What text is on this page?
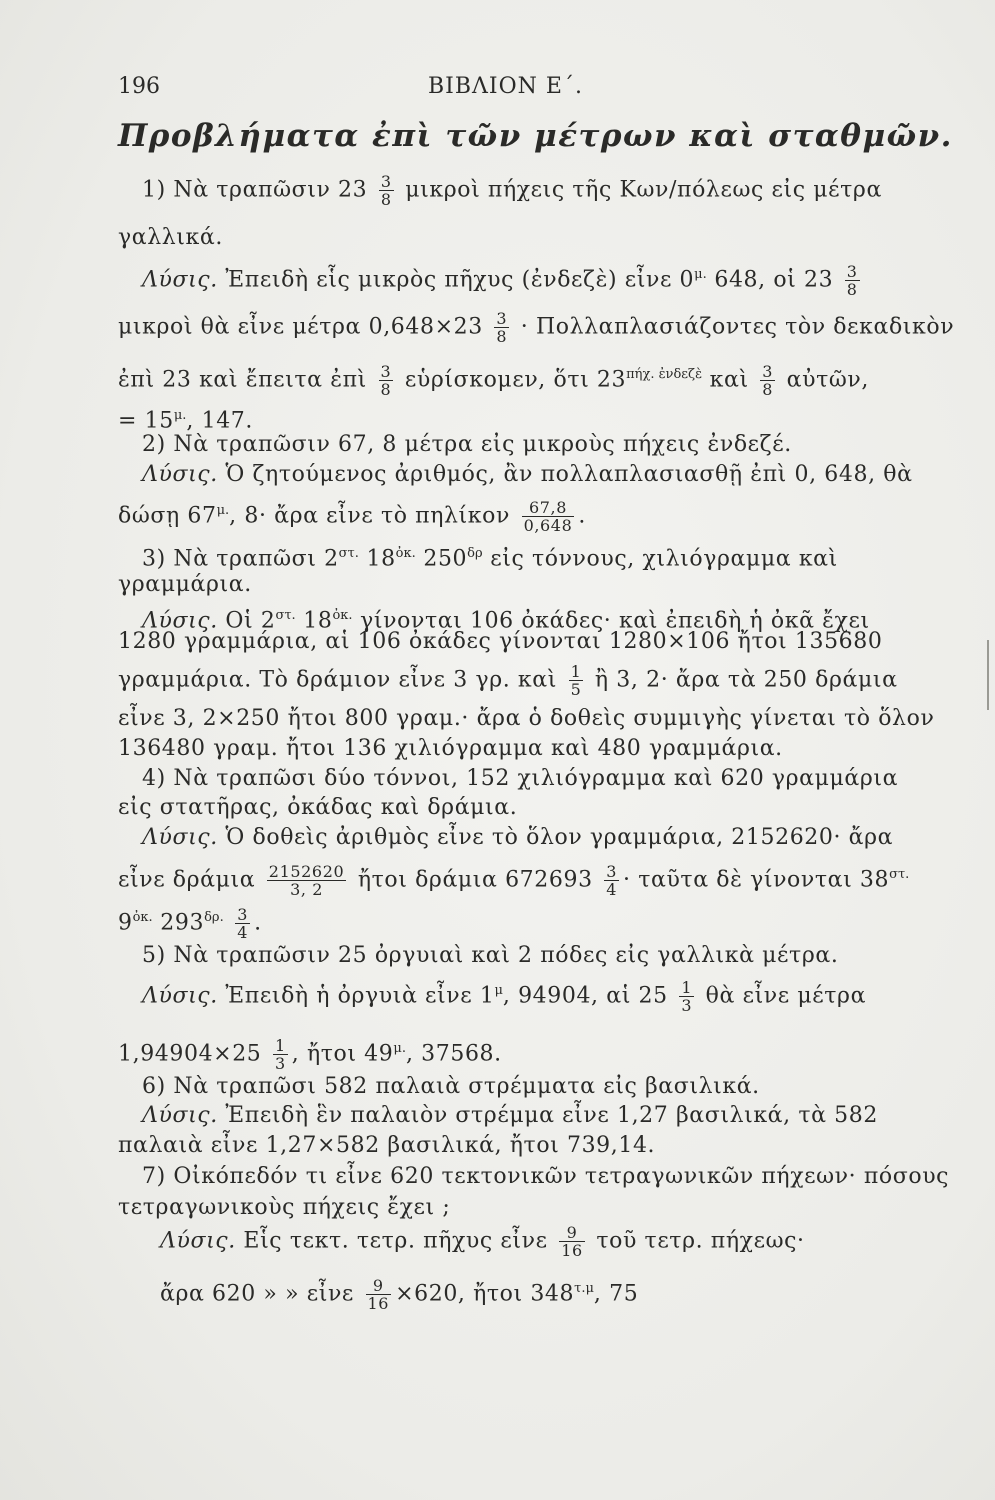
196	ΒΙΒΛΙΟΝ Ε΄.
Προβλήματα ἐπὶ τῶν μέτρων καὶ σταθμῶν.
1) Νὰ τραπῶσιν $23 \frac{3}{8}$ μικροὶ πήχεις τῆς Κων/πόλεως εἰς μέτρα
γαλλικά.
Λύσις. Ἐπειδὴ εἷς μικρὸς πῆχυς (ἐνδεζὲ) εἶνε $0^{\mu.}$ 648, οἱ $23 \frac{3}{8}$
μικροὶ θὰ εἶνε μέτρα $0,648\times 23 \frac{3}{8} \cdot \Pi o\lambda\lambda\alpha\pi\lambda\alpha\sigma\iota ά\zeta o\nu\tau\varepsilon\varsigma$ τὸν δεκαδικὸν
ἐπὶ 23 καὶ ἔπειτα ἐπὶ $\frac{3}{8}$ εὑρίσκομεν, ὅτι $23^{\pi ή\chi. ἐ\nu\delta\varepsilon\zeta ὲ}$ καὶ $\frac{3}{8}$ αὐτῶν,
= $15^{\mu.}$, 147.
2) Νὰ τραπῶσιν 67, 8 μέτρα εἰς μικροὺς πήχεις ἐνδεζέ.
Λύσις. Ὁ ζητούμενος ἀριθμός, ἂν πολλαπλασιασθῇ ἐπὶ 0, 648, θὰ
δώσῃ $67^{\mu.}$, 8· ἄρα εἶνε τὸ πηλίκον $\frac{67,8}{0,648}$ .
3) Νὰ τραπῶσι $2^{\sigma\tau.}$ $18^{ὀ\kappa.}$ $250^{\delta\rho}$ εἰς τόννους, χιλιόγραμμα καὶ
γραμμάρια.
Λύσις. Οἱ $2^{\sigma\tau.}$ $18^{ὀ\kappa.}$ γίνονται 106 ὀκάδες· καὶ ἐπειδὴ ἡ ὀκᾶ ἔχει
1280 γραμμάρια, αἱ 106 ὀκάδες γίνονται 1280×106 ἤτοι 135680
γραμμάρια. Τὸ δράμιον εἶνε 3 γρ. καὶ $\frac{1}{5}$ ἢ 3, 2· ἄρα τὰ 250 δράμια
εἶνε 3, 2×250 ἤτοι 800 γραμ.· ἄρα ὁ δοθεὶς συμμιγὴς γίνεται τὸ ὅλον
136480 γραμ. ἤτοι 136 χιλιόγραμμα καὶ 480 γραμμάρια.
4) Νὰ τραπῶσι δύο τόννοι, 152 χιλιόγραμμα καὶ 620 γραμμάρια
εἰς στατῆρας, ὀκάδας καὶ δράμια.
Λύσις. Ὁ δοθεὶς ἀριθμὸς εἶνε τὸ ὅλον γραμμάρια, 2152620· ἄρα
εἶνε δράμια $\frac{2152620}{3, 2}$ ἤτοι δράμια $672693 \frac{3}{4}$ · ταῦτα δὲ γίνονται $38^{\sigma\tau.}$
$9^{ὀ\kappa.}$ $293^{\delta\rho.} \frac{3}{4}$ .
5) Νὰ τραπῶσιν 25 ὀργυιαὶ καὶ 2 πόδες εἰς γαλλικὰ μέτρα.
Λύσις. Ἐπειδὴ ἡ ὀργυιὰ εἶνε $1^\mu$, 94904, αἱ $25 \frac{1}{3}$ θὰ εἶνε μέτρα
$1,94904\times 25 \frac{1}{3}$ , ἤτοι $49^{\mu.}$, 37568.
6) Νὰ τραπῶσι 582 παλαιὰ στρέμματα εἰς βασιλικά.
Λύσις. Ἐπειδὴ ἓν παλαιὸν στρέμμα εἶνε 1,27 βασιλικά, τὰ 582
παλαιὰ εἶνε 1,27×582 βασιλικά, ἤτοι 739,14.
7) Οἰκόπεδόν τι εἶνε 620 τεκτονικῶν τετραγωνικῶν πήχεων· πόσους
τετραγωνικοὺς πήχεις ἔχει ;
Λύσις. Εἷς τεκτ. τετρ. πῆχυς εἶνε $\frac{9}{16}$ τοῦ τετρ. πήχεως·
ἄρα 620 » » εἶνε $\frac{9}{16} \times 620$, ἤτοι $348^{\tau.\mu}$, 75
